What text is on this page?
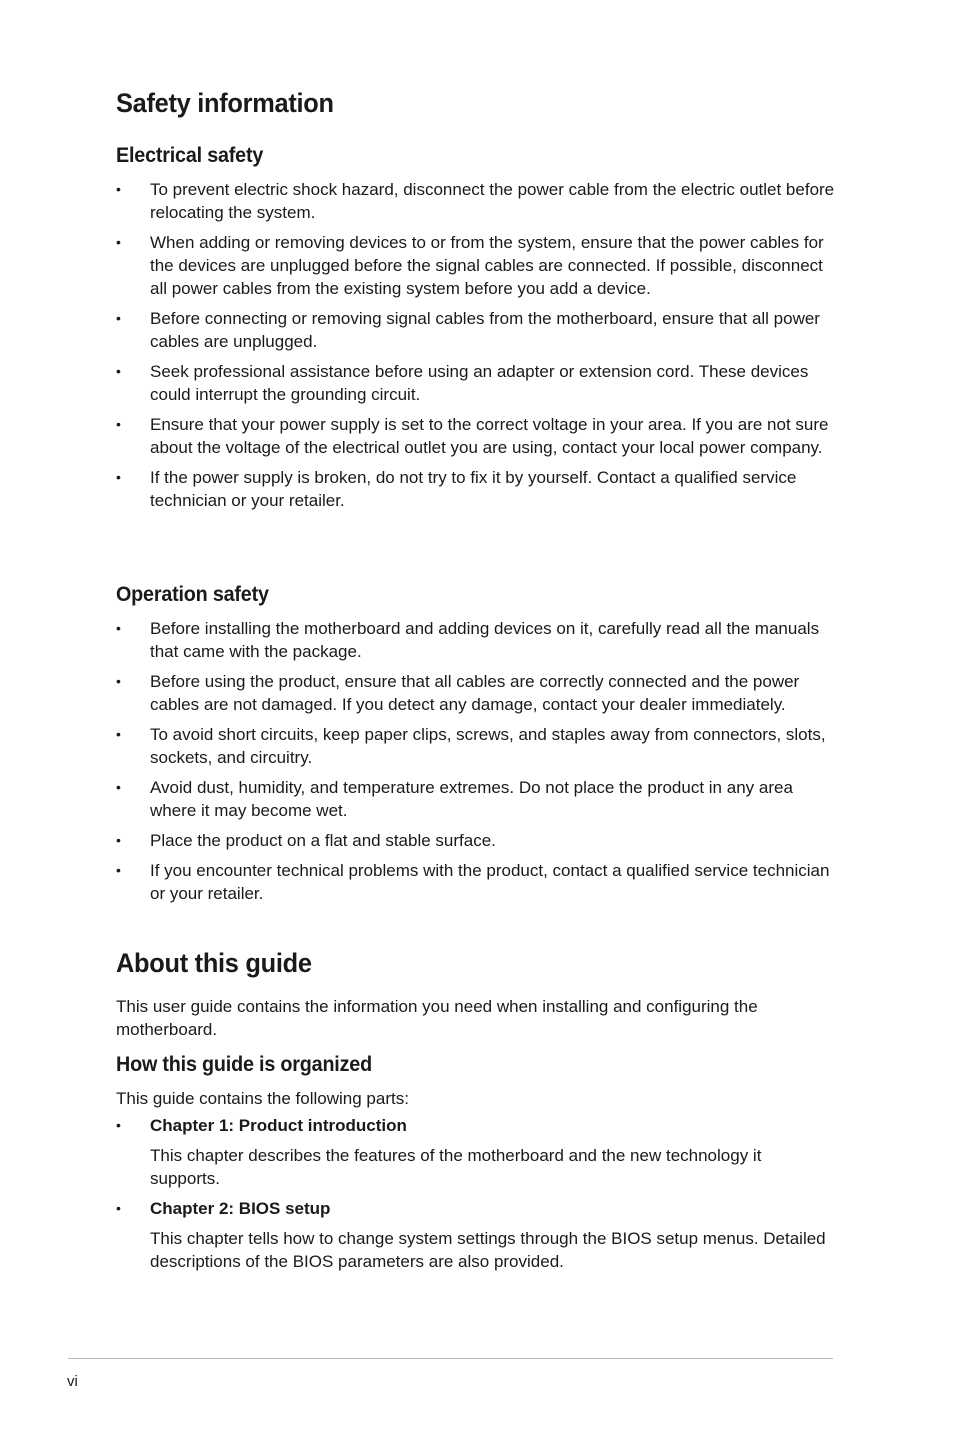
Safety information
Electrical safety
• To prevent electric shock hazard, disconnect the power cable from the electric outlet before relocating the system.
• When adding or removing devices to or from the system, ensure that the power cables for the devices are unplugged before the signal cables are connected. If possible, disconnect all power cables from the existing system before you add a device.
• Before connecting or removing signal cables from the motherboard, ensure that all power cables are unplugged.
• Seek professional assistance before using an adapter or extension cord. These devices could interrupt the grounding circuit.
• Ensure that your power supply is set to the correct voltage in your area. If you are not sure about the voltage of the electrical outlet you are using, contact your local power company.
• If the power supply is broken, do not try to fix it by yourself. Contact a qualified service technician or your retailer.
Operation safety
• Before installing the motherboard and adding devices on it, carefully read all the manuals that came with the package.
• Before using the product, ensure that all cables are correctly connected and the power cables are not damaged. If you detect any damage, contact your dealer immediately.
• To avoid short circuits, keep paper clips, screws, and staples away from connectors, slots, sockets, and circuitry.
• Avoid dust, humidity, and temperature extremes. Do not place the product in any area where it may become wet.
• Place the product on a flat and stable surface.
• If you encounter technical problems with the product, contact a qualified service technician or your retailer.
About this guide

This user guide contains the information you need when installing and configuring the motherboard.

How this guide is organized

This guide contains the following parts:

• Chapter 1: Product introduction
This chapter describes the features of the motherboard and the new technology it supports.
• Chapter 2: BIOS setup
This chapter tells how to change system settings through the BIOS setup menus. Detailed descriptions of the BIOS parameters are also provided.
vi
